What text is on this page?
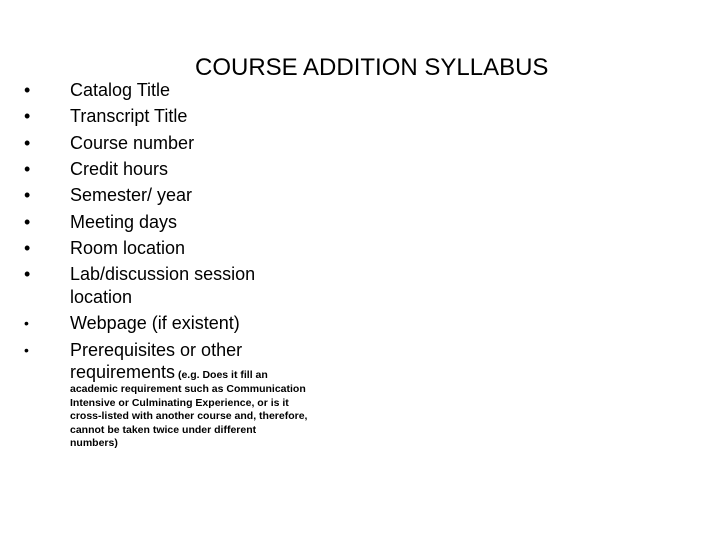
COURSE ADDITION SYLLABUS
• Catalog Title
• Transcript Title
• Course number
• Credit hours
• Semester/ year
• Meeting days
• Room location
• Lab/discussion session
location
• Webpage (if existent)
• Prerequisites or other
requirements (e.g. Does it fill an
academic requirement such as Communication
Intensive or Culminating Experience, or is it
cross-listed with another course and, therefore,
cannot be taken twice under different
numbers)
